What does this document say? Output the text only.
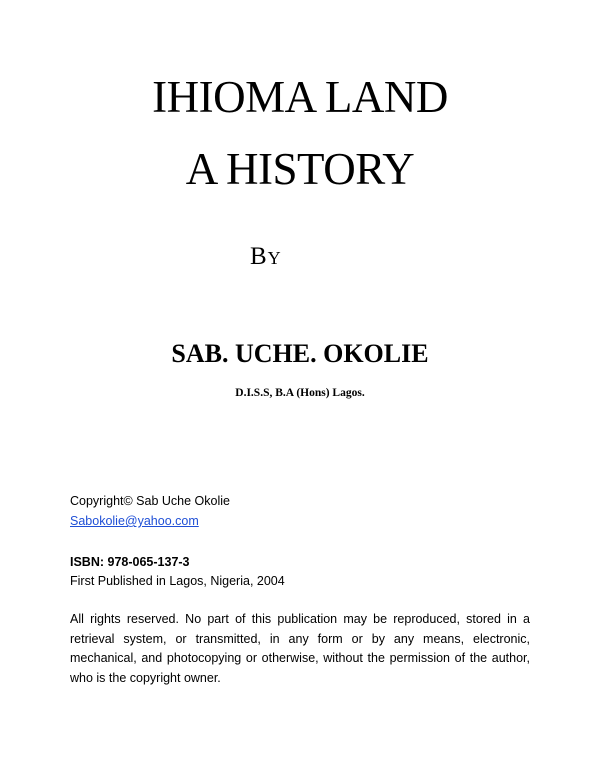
IHIOMA LAND
A HISTORY
By
SAB. UCHE. OKOLIE
D.I.S.S, B.A (Hons) Lagos.
Copyright© Sab Uche Okolie
Sabokolie@yahoo.com
ISBN: 978-065-137-3
First Published in Lagos, Nigeria, 2004
All rights reserved. No part of this publication may be reproduced, stored in a retrieval system, or transmitted, in any form or by any means, electronic, mechanical, and photocopying or otherwise, without the permission of the author, who is the copyright owner.
